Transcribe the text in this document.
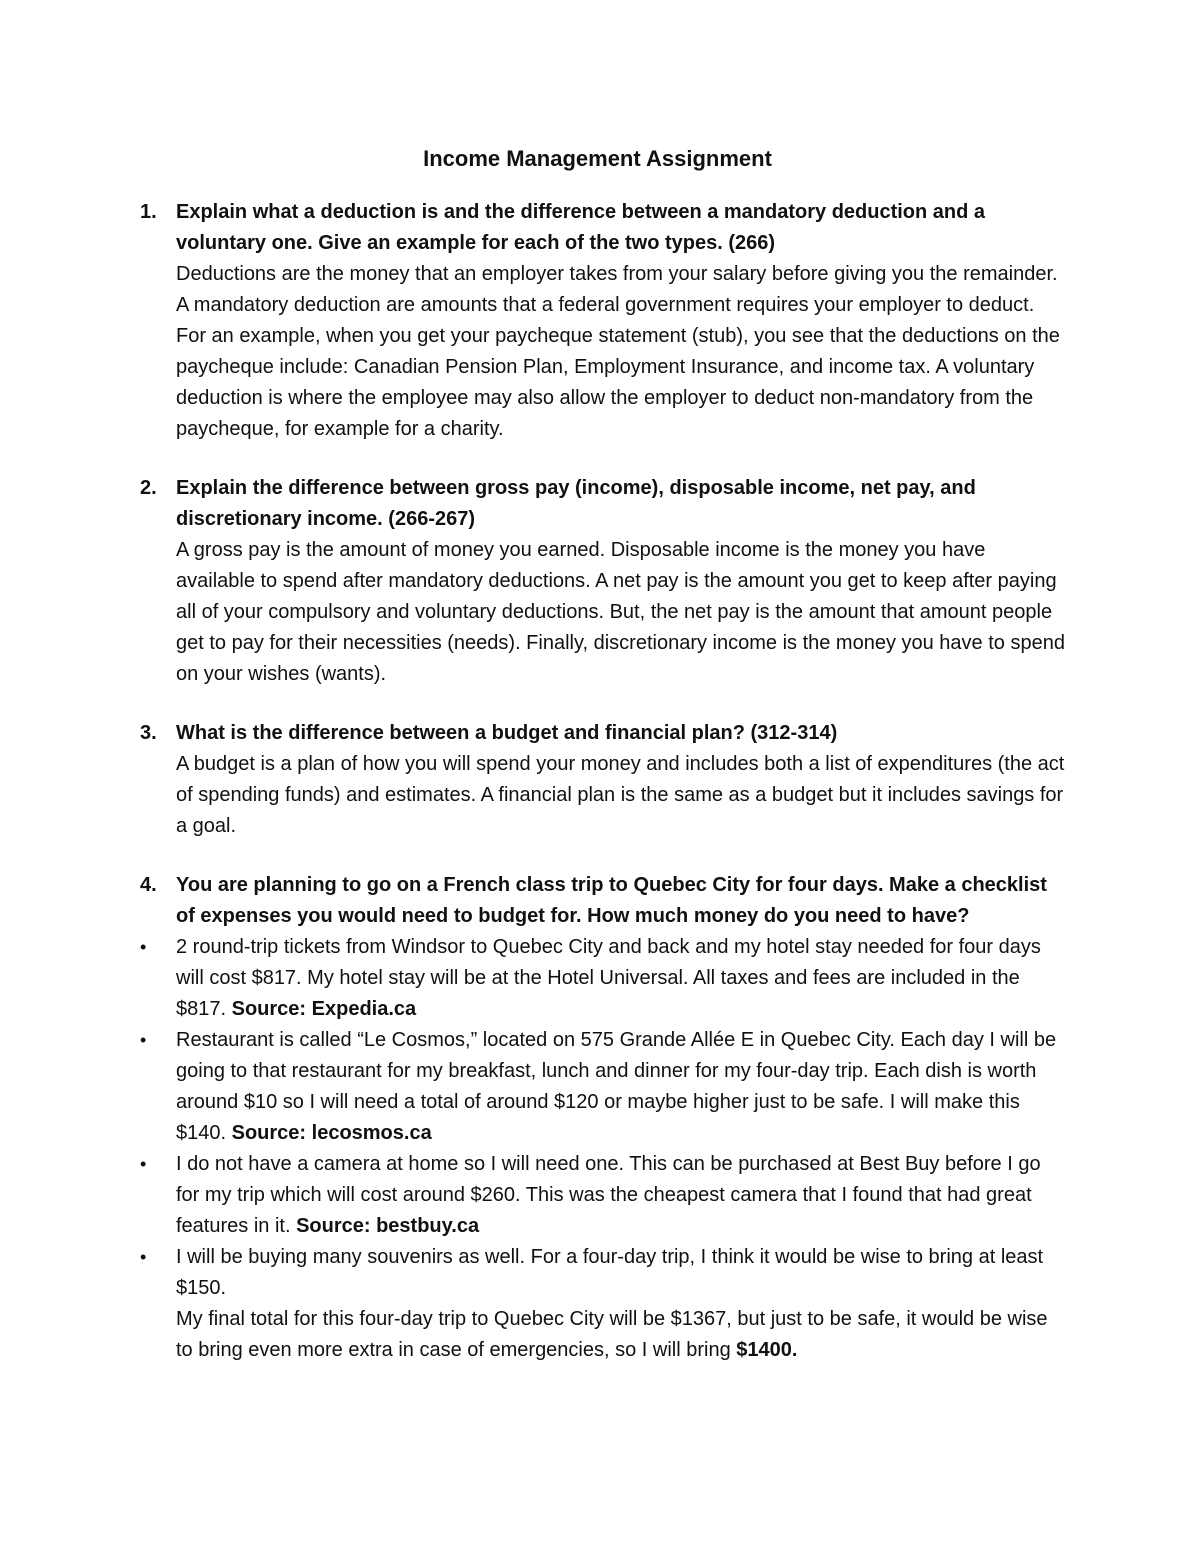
Income Management Assignment
1. Explain what a deduction is and the difference between a mandatory deduction and a voluntary one. Give an example for each of the two types. (266)
Deductions are the money that an employer takes from your salary before giving you the remainder. A mandatory deduction are amounts that a federal government requires your employer to deduct. For an example, when you get your paycheque statement (stub), you see that the deductions on the paycheque include: Canadian Pension Plan, Employment Insurance, and income tax. A voluntary deduction is where the employee may also allow the employer to deduct non-mandatory from the paycheque, for example for a charity.
2. Explain the difference between gross pay (income), disposable income, net pay, and discretionary income. (266-267)
A gross pay is the amount of money you earned. Disposable income is the money you have available to spend after mandatory deductions. A net pay is the amount you get to keep after paying all of your compulsory and voluntary deductions. But, the net pay is the amount that amount people get to pay for their necessities (needs). Finally, discretionary income is the money you have to spend on your wishes (wants).
3. What is the difference between a budget and financial plan? (312-314)
A budget is a plan of how you will spend your money and includes both a list of expenditures (the act of spending funds) and estimates. A financial plan is the same as a budget but it includes savings for a goal.
4. You are planning to go on a French class trip to Quebec City for four days. Make a checklist of expenses you would need to budget for. How much money do you need to have?
•	2 round-trip tickets from Windsor to Quebec City and back and my hotel stay needed for four days will cost $817. My hotel stay will be at the Hotel Universal. All taxes and fees are included in the $817. Source: Expedia.ca
•	Restaurant is called “Le Cosmos,” located on 575 Grande Allée E in Quebec City. Each day I will be going to that restaurant for my breakfast, lunch and dinner for my four-day trip. Each dish is worth around $10 so I will need a total of around $120 or maybe higher just to be safe. I will make this $140. Source: lecosmos.ca
•	I do not have a camera at home so I will need one. This can be purchased at Best Buy before I go for my trip which will cost around $260. This was the cheapest camera that I found that had great features in it. Source: bestbuy.ca
•	I will be buying many souvenirs as well. For a four-day trip, I think it would be wise to bring at least $150.
My final total for this four-day trip to Quebec City will be $1367, but just to be safe, it would be wise to bring even more extra in case of emergencies, so I will bring $1400.
